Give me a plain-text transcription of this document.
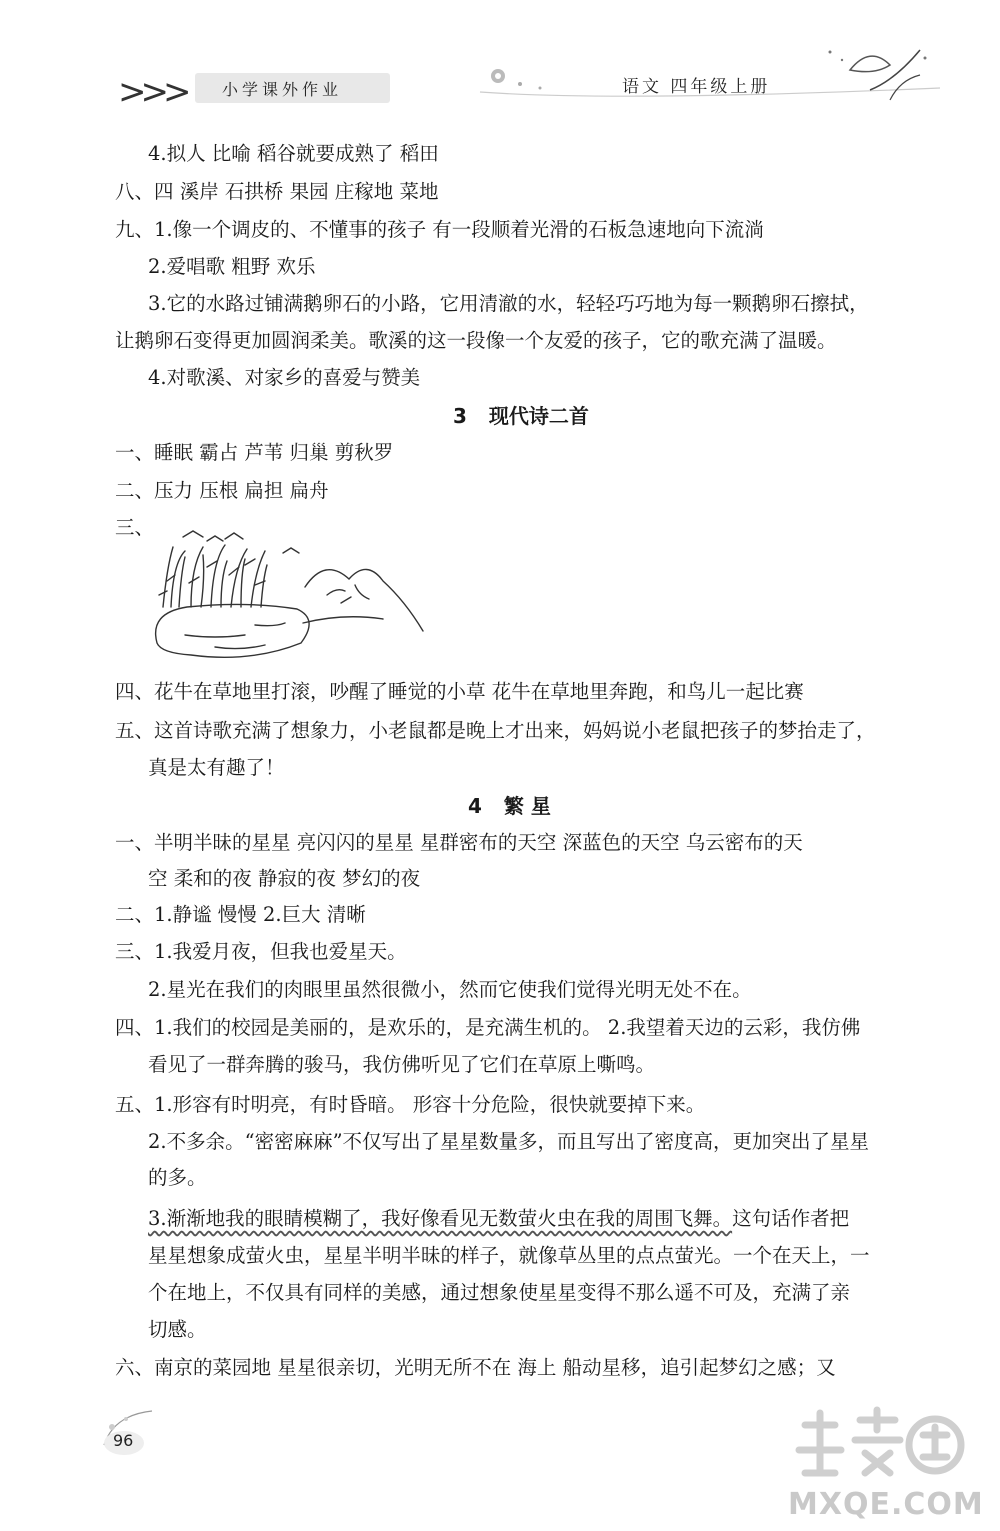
>>> 小学课外作业	语文 四年级上册
4.拟人 比喻 稻谷就要成熟了 稻田
八、四 溪岸 石拱桥 果园 庄稼地 菜地
九、1.像一个调皮的、不懂事的孩子 有一段顺着光滑的石板急速地向下流淌
2.爱唱歌 粗野 欢乐
3.它的水路过铺满鹅卵石的小路，它用清澈的水，轻轻巧巧地为每一颗鹅卵石擦拭，
让鹅卵石变得更加圆润柔美。歌溪的这一段像一个友爱的孩子，它的歌充满了温暖。
4.对歌溪、对家乡的喜爱与赞美
3 现代诗二首
一、睡眠 霸占 芦苇 归巢 剪秋罗
二、压力 压根 扁担 扁舟
三、
四、花牛在草地里打滚，吵醒了睡觉的小草 花牛在草地里奔跑，和鸟儿一起比赛
五、这首诗歌充满了想象力，小老鼠都是晚上才出来，妈妈说小老鼠把孩子的梦抬走了，
真是太有趣了！
4 繁 星
一、半明半昧的星星 亮闪闪的星星 星群密布的天空 深蓝色的天空 乌云密布的天
空 柔和的夜 静寂的夜 梦幻的夜
二、1.静谧 慢慢 2.巨大 清晰
三、1.我爱月夜，但我也爱星天。
2.星光在我们的肉眼里虽然很微小，然而它使我们觉得光明无处不在。
四、1.我们的校园是美丽的，是欢乐的，是充满生机的。 2.我望着天边的云彩，我仿佛
看见了一群奔腾的骏马，我仿佛听见了它们在草原上嘶鸣。
五、1.形容有时明亮，有时昏暗。 形容十分危险，很快就要掉下来。
2.不多余。“密密麻麻”不仅写出了星星数量多，而且写出了密度高，更加突出了星星
的多。
3.渐渐地我的眼睛模糊了，我好像看见无数萤火虫在我的周围飞舞。这句话作者把
星星想象成萤火虫，星星半明半昧的样子，就像草丛里的点点萤光。一个在天上，一
个在地上，不仅具有同样的美感，通过想象使星星变得不那么遥不可及，充满了亲
切感。
六、南京的菜园地 星星很亲切，光明无所不在 海上 船动星移，追引起梦幻之感；又
96
MXQE.COM
